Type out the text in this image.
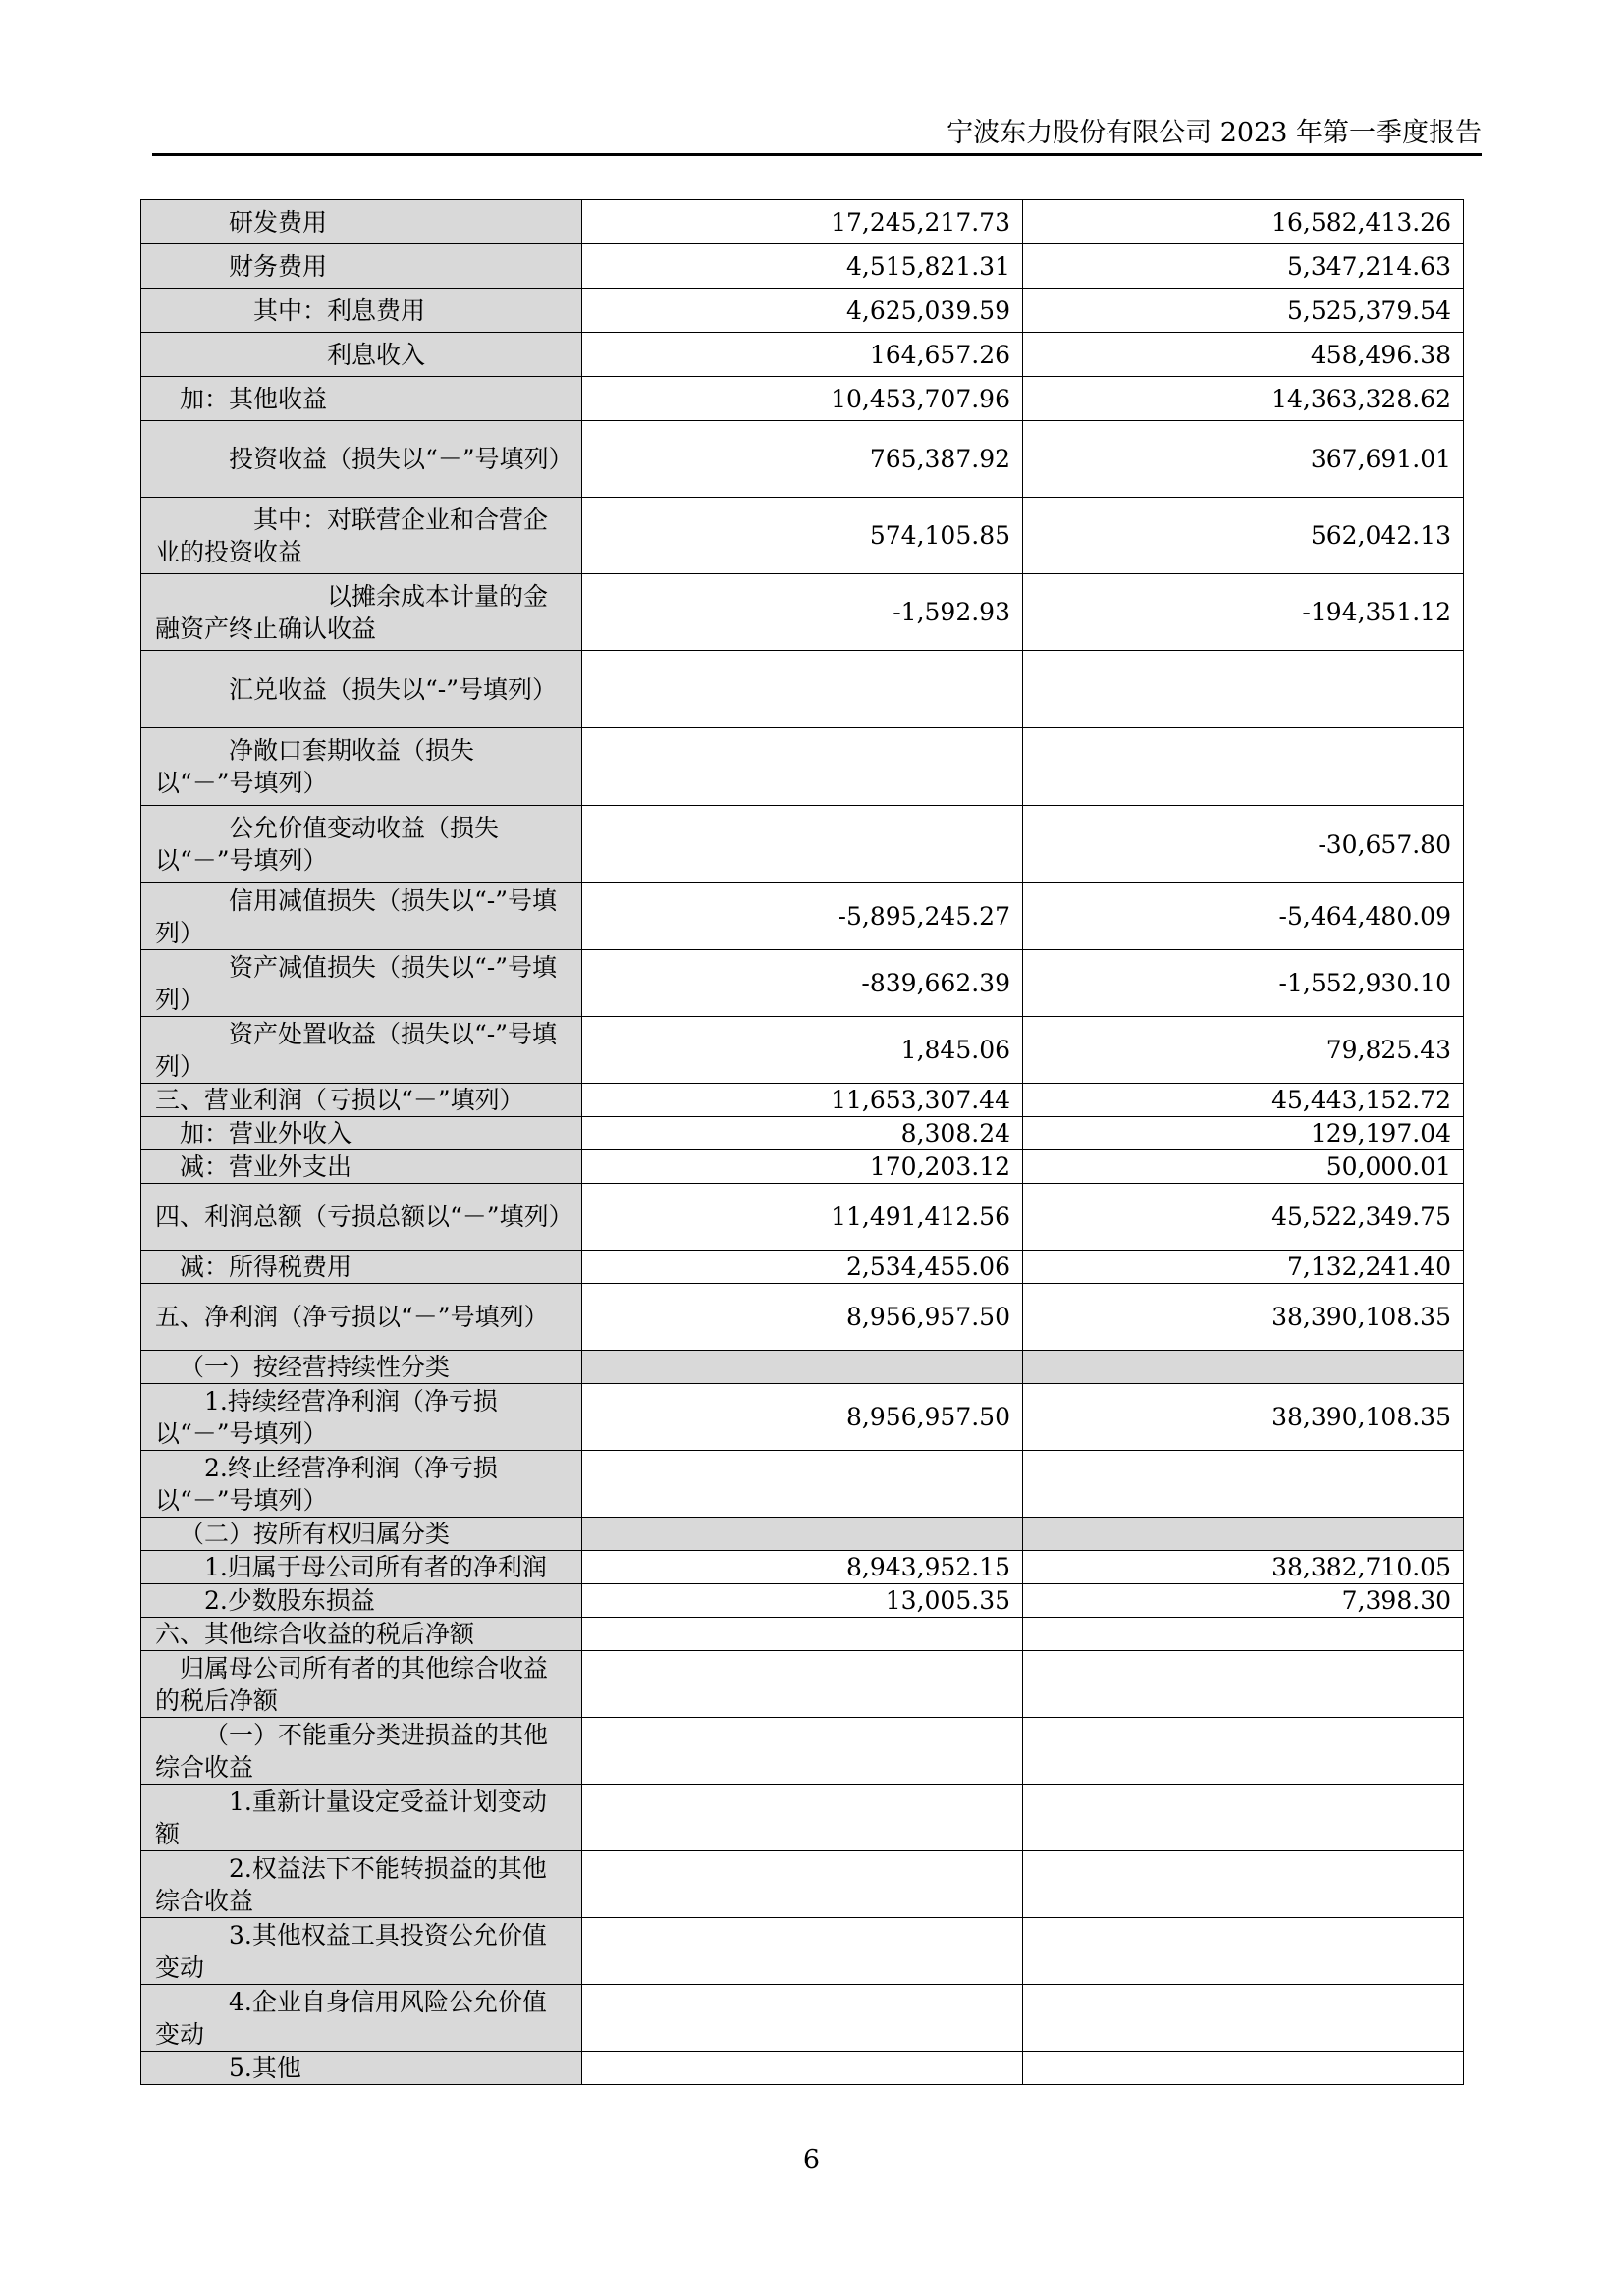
宁波东力股份有限公司 2023 年第一季度报告
研发费用	17,245,217.73	16,582,413.26
财务费用	4,515,821.31	5,347,214.63
其中：利息费用	4,625,039.59	5,525,379.54
利息收入	164,657.26	458,496.38
加：其他收益	10,453,707.96	14,363,328.62
投资收益（损失以“－”号填列）	765,387.92	367,691.01
其中：对联营企业和合营企业的投资收益	574,105.85	562,042.13
以摊余成本计量的金融资产终止确认收益	-1,592.93	-194,351.12
汇兑收益（损失以“-”号填列）		
净敞口套期收益（损失以“－”号填列）		
公允价值变动收益（损失以“－”号填列）		-30,657.80
信用减值损失（损失以“-”号填列）	-5,895,245.27	-5,464,480.09
资产减值损失（损失以“-”号填列）	-839,662.39	-1,552,930.10
资产处置收益（损失以“-”号填列）	1,845.06	79,825.43
三、营业利润（亏损以“－”填列）	11,653,307.44	45,443,152.72
加：营业外收入	8,308.24	129,197.04
减：营业外支出	170,203.12	50,000.01
四、利润总额（亏损总额以“－”填列）	11,491,412.56	45,522,349.75
减：所得税费用	2,534,455.06	7,132,241.40
五、净利润（净亏损以“－”号填列）	8,956,957.50	38,390,108.35
（一）按经营持续性分类		
1.持续经营净利润（净亏损以“－”号填列）	8,956,957.50	38,390,108.35
2.终止经营净利润（净亏损以“－”号填列）		
（二）按所有权归属分类		
1.归属于母公司所有者的净利润	8,943,952.15	38,382,710.05
2.少数股东损益	13,005.35	7,398.30
六、其他综合收益的税后净额		
归属母公司所有者的其他综合收益的税后净额		
（一）不能重分类进损益的其他综合收益		
1.重新计量设定受益计划变动额		
2.权益法下不能转损益的其他综合收益		
3.其他权益工具投资公允价值变动		
4.企业自身信用风险公允价值变动		
5.其他		
6
